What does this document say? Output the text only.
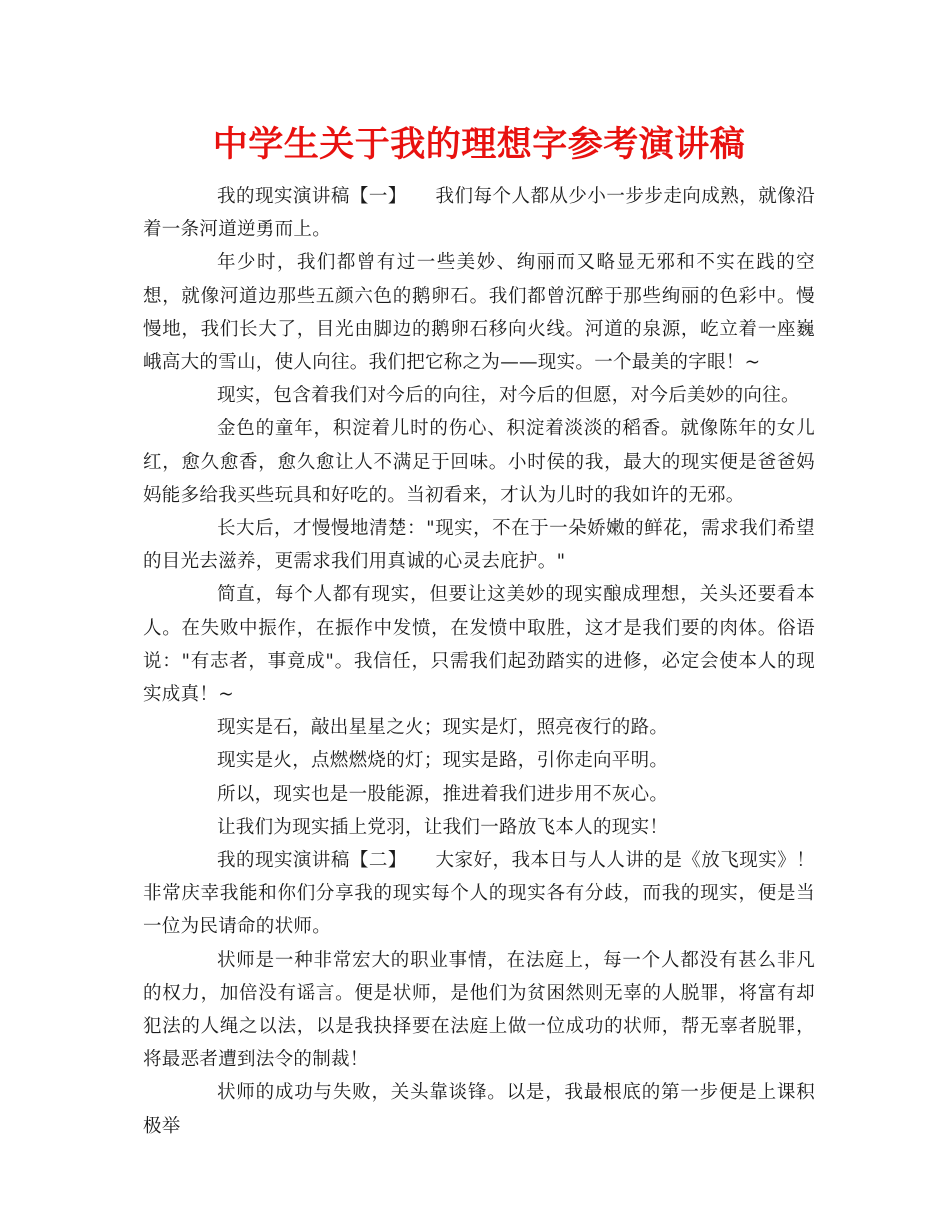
中学生关于我的理想字参考演讲稿

我的现实演讲稿【一】　　我们每个人都从少小一步步走向成熟，就像沿着一条河道逆勇而上。

年少时，我们都曾有过一些美妙、绚丽而又略显无邪和不实在践的空想，就像河道边那些五颜六色的鹅卵石。我们都曾沉醉于那些绚丽的色彩中。慢慢地，我们长大了，目光由脚边的鹅卵石移向火线。河道的泉源，屹立着一座巍峨高大的雪山，使人向往。我们把它称之为——现实。一个最美的字眼！~

现实，包含着我们对今后的向往，对今后的但愿，对今后美妙的向往。

金色的童年，积淀着儿时的伤心、积淀着淡淡的稻香。就像陈年的女儿红，愈久愈香，愈久愈让人不满足于回味。小时侯的我，最大的现实便是爸爸妈妈能多给我买些玩具和好吃的。当初看来，才认为儿时的我如许的无邪。

长大后，才慢慢地清楚："现实，不在于一朵娇嫩的鲜花，需求我们希望的目光去滋养，更需求我们用真诚的心灵去庇护。"

简直，每个人都有现实，但要让这美妙的现实酿成理想，关头还要看本人。在失败中振作，在振作中发愤，在发愤中取胜，这才是我们要的肉体。俗语说："有志者，事竟成"。我信任，只需我们起劲踏实的进修，必定会使本人的现实成真！~

现实是石，敲出星星之火；现实是灯，照亮夜行的路。

现实是火，点燃燃烧的灯；现实是路，引你走向平明。

所以，现实也是一股能源，推进着我们进步用不灰心。

让我们为现实插上党羽，让我们一路放飞本人的现实！

我的现实演讲稿【二】　　大家好，我本日与人人讲的是《放飞现实》！非常庆幸我能和你们分享我的现实每个人的现实各有分歧，而我的现实，便是当一位为民请命的状师。

状师是一种非常宏大的职业事情，在法庭上，每一个人都没有甚么非凡的权力，加倍没有谣言。便是状师，是他们为贫困然则无辜的人脱罪，将富有却犯法的人绳之以法，以是我抉择要在法庭上做一位成功的状师，帮无辜者脱罪，将最恶者遭到法令的制裁！

状师的成功与失败，关头靠谈锋。以是，我最根底的第一步便是上课积极举
